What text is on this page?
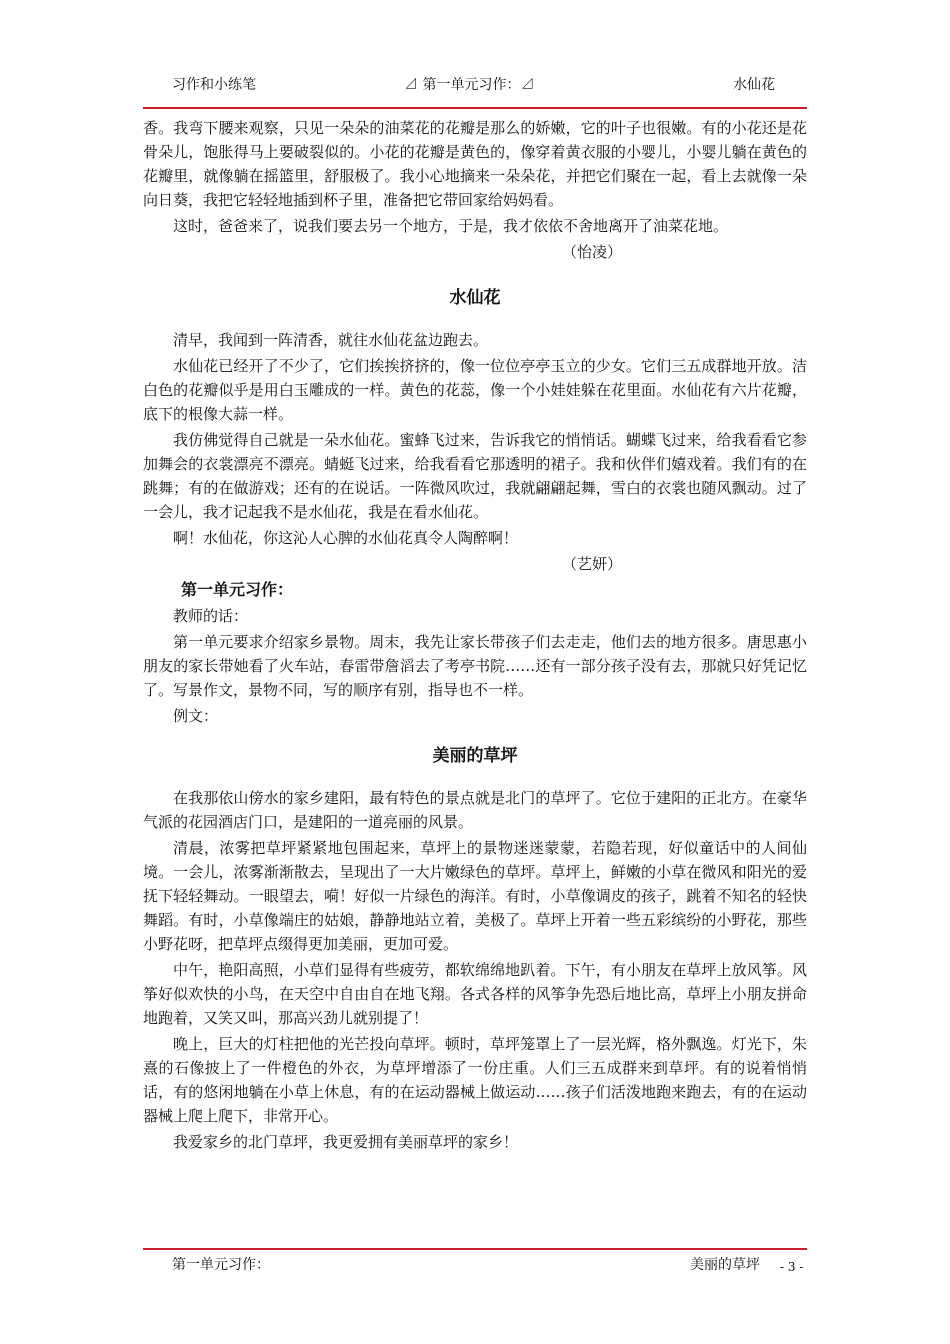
习作和小练笔	⊿ 第一单元习作：⊿	水仙花

香。我弯下腰来观察，只见一朵朵的油菜花的花瓣是那么的娇嫩，它的叶子也很嫩。有的小花还是花骨朵儿，饱胀得马上要破裂似的。小花的花瓣是黄色的，像穿着黄衣服的小婴儿，小婴儿躺在黄色的花瓣里，就像躺在摇篮里，舒服极了。我小心地摘来一朵朵花，并把它们聚在一起，看上去就像一朵向日葵，我把它轻轻地插到杯子里，准备把它带回家给妈妈看。

这时，爸爸来了，说我们要去另一个地方，于是，我才依依不舍地离开了油菜花地。

（怡凌）
水仙花

清早，我闻到一阵清香，就往水仙花盆边跑去。

水仙花已经开了不少了，它们挨挨挤挤的，像一位位亭亭玉立的少女。它们三五成群地开放。洁白色的花瓣似乎是用白玉雕成的一样。黄色的花蕊，像一个小娃娃躲在花里面。水仙花有六片花瓣，底下的根像大蒜一样。

我仿佛觉得自己就是一朵水仙花。蜜蜂飞过来，告诉我它的悄悄话。蝴蝶飞过来，给我看看它参加舞会的衣裳漂亮不漂亮。蜻蜓飞过来，给我看看它那透明的裙子。我和伙伴们嬉戏着。我们有的在跳舞；有的在做游戏；还有的在说话。一阵微风吹过，我就翩翩起舞，雪白的衣裳也随风飘动。过了一会儿，我才记起我不是水仙花，我是在看水仙花。

啊！水仙花，你这沁人心脾的水仙花真令人陶醉啊！

（艺妍）
第一单元习作：

教师的话：

第一单元要求介绍家乡景物。周末，我先让家长带孩子们去走走，他们去的地方很多。唐思惠小朋友的家长带她看了火车站，春雷带詹滔去了考亭书院……还有一部分孩子没有去，那就只好凭记忆了。写景作文，景物不同，写的顺序有别，指导也不一样。

例文：

美丽的草坪

在我那依山傍水的家乡建阳，最有特色的景点就是北门的草坪了。它位于建阳的正北方。在豪华气派的花园酒店门口，是建阳的一道亮丽的风景。

清晨，浓雾把草坪紧紧地包围起来，草坪上的景物迷迷蒙蒙，若隐若现，好似童话中的人间仙境。一会儿，浓雾渐渐散去，呈现出了一大片嫩绿色的草坪。草坪上，鲜嫩的小草在微风和阳光的爱抚下轻轻舞动。一眼望去，嗬！好似一片绿色的海洋。有时，小草像调皮的孩子，跳着不知名的轻快舞蹈。有时，小草像端庄的姑娘，静静地站立着，美极了。草坪上开着一些五彩缤纷的小野花，那些小野花呀，把草坪点缀得更加美丽，更加可爱。

中午，艳阳高照，小草们显得有些疲劳，都软绵绵地趴着。下午，有小朋友在草坪上放风筝。风筝好似欢快的小鸟，在天空中自由自在地飞翔。各式各样的风筝争先恐后地比高，草坪上小朋友拼命地跑着，又笑又叫，那高兴劲儿就别提了！

晚上，巨大的灯柱把他的光芒投向草坪。顿时，草坪笼罩上了一层光辉，格外飘逸。灯光下，朱熹的石像披上了一件橙色的外衣，为草坪增添了一份庄重。人们三五成群来到草坪。有的说着悄悄话，有的悠闲地躺在小草上休息，有的在运动器械上做运动……孩子们活泼地跑来跑去，有的在运动器械上爬上爬下，非常开心。

我爱家乡的北门草坪，我更爱拥有美丽草坪的家乡！

第一单元习作：	美丽的草坪 - 3 -
